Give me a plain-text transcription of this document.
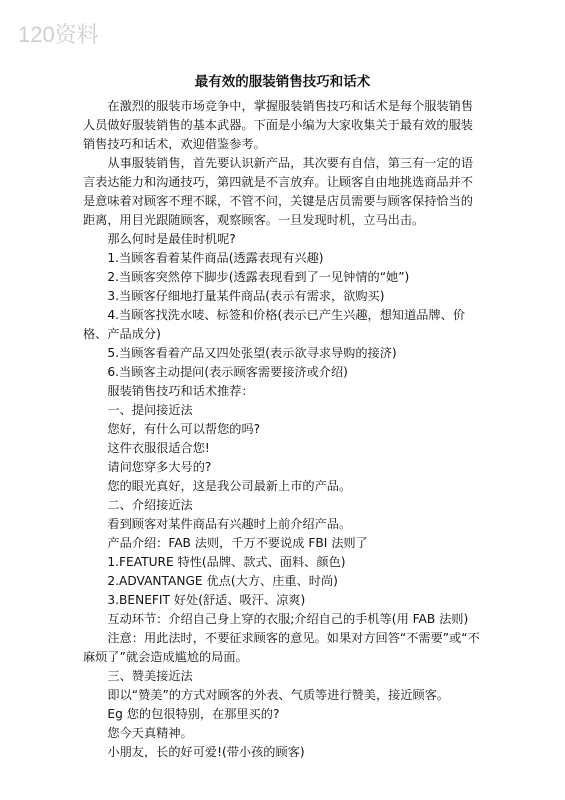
120资料
最有效的服装销售技巧和话术

在激烈的服装市场竞争中，掌握服装销售技巧和话术是每个服装销售人员做好服装销售的基本武器。下面是小编为大家收集关于最有效的服装销售技巧和话术，欢迎借鉴参考。

从事服装销售，首先要认识新产品，其次要有自信，第三有一定的语言表达能力和沟通技巧，第四就是不言放弃。让顾客自由地挑选商品并不是意味着对顾客不理不睬，不管不问，关键是店员需要与顾客保持恰当的距离，用目光跟随顾客，观察顾客。一旦发现时机，立马出击。

那么何时是最佳时机呢?

1.当顾客看着某件商品(透露表现有兴趣)

2.当顾客突然停下脚步(透露表现看到了一见钟情的“她”)

3.当顾客仔细地打量某件商品(表示有需求，欲购买)

4.当顾客找洗水唛、标签和价格(表示已产生兴趣，想知道品牌、价 格、产品成分)

5.当顾客看着产品又四处张望(表示欲寻求导购的接济)

6.当顾客主动提问(表示顾客需要接济或介绍)

服装销售技巧和话术推荐：

一、提问接近法

您好，有什么可以帮您的吗?

这件衣服很适合您!

请问您穿多大号的?

您的眼光真好，这是我公司最新上市的产品。

二、介绍接近法

看到顾客对某件商品有兴趣时上前介绍产品。

产品介绍：FAB 法则，千万不要说成 FBI 法则了

1.FEATURE 特性(品牌、款式、面料、颜色)

2.ADVANTANGE 优点(大方、庄重、时尚)

3.BENEFIT 好处(舒适、吸汗、凉爽)

互动环节：介绍自己身上穿的衣服;介绍自己的手机等(用 FAB 法则)

注意：用此法时，不要征求顾客的意见。如果对方回答“不需要”或“不麻烦了”就会造成尴尬的局面。

三、赞美接近法

即以“赞美”的方式对顾客的外表、气质等进行赞美，接近顾客。

Eg 您的包很特别，在那里买的?

您今天真精神。

小朋友，长的好可爱!(带小孩的顾客)
